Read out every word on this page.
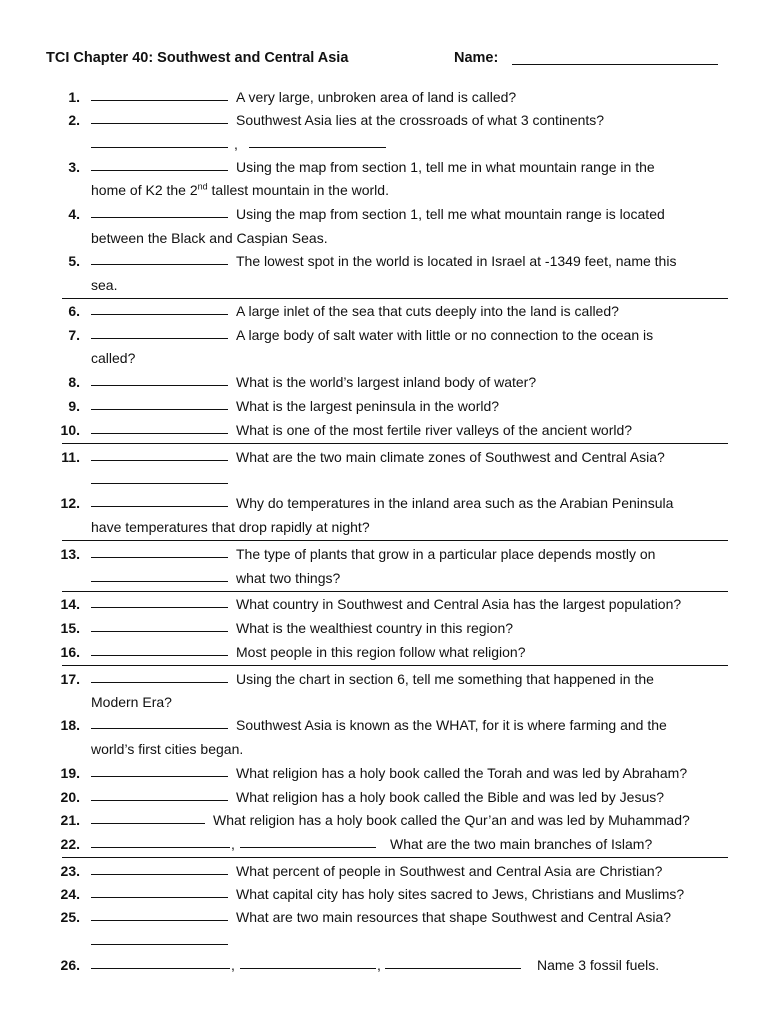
TCI Chapter 40: Southwest and Central Asia	Name:
1.	A very large, unbroken area of land is called?
2.	Southwest Asia lies at the crossroads of what 3 continents?
,
3.	Using the map from section 1, tell me in what mountain range in the
home of K2 the 2nd tallest mountain in the world.
4.	Using the map from section 1, tell me what mountain range is located
between the Black and Caspian Seas.
5.	The lowest spot in the world is located in Israel at -1349 feet, name this
sea.
6.	A large inlet of the sea that cuts deeply into the land is called?
7.	A large body of salt water with little or no connection to the ocean is
called?
8.	What is the world’s largest inland body of water?
9.	What is the largest peninsula in the world?
10.	What is one of the most fertile river valleys of the ancient world?
11.	What are the two main climate zones of Southwest and Central Asia?
12.	Why do temperatures in the inland area such as the Arabian Peninsula
have temperatures that drop rapidly at night?
13.	The type of plants that grow in a particular place depends mostly on
what two things?
14.	What country in Southwest and Central Asia has the largest population?
15.	What is the wealthiest country in this region?
16.	Most people in this region follow what religion?
17.	Using the chart in section 6, tell me something that happened in the
Modern Era?
18.	Southwest Asia is known as the WHAT, for it is where farming and the
world’s first cities began.
19.	What religion has a holy book called the Torah and was led by Abraham?
20.	What religion has a holy book called the Bible and was led by Jesus?
21.	What religion has a holy book called the Qur’an and was led by Muhammad?
22.	,	What are the two main branches of Islam?
23.	What percent of people in Southwest and Central Asia are Christian?
24.	What capital city has holy sites sacred to Jews, Christians and Muslims?
25.	What are two main resources that shape Southwest and Central Asia?
26.	,	,	Name 3 fossil fuels.
